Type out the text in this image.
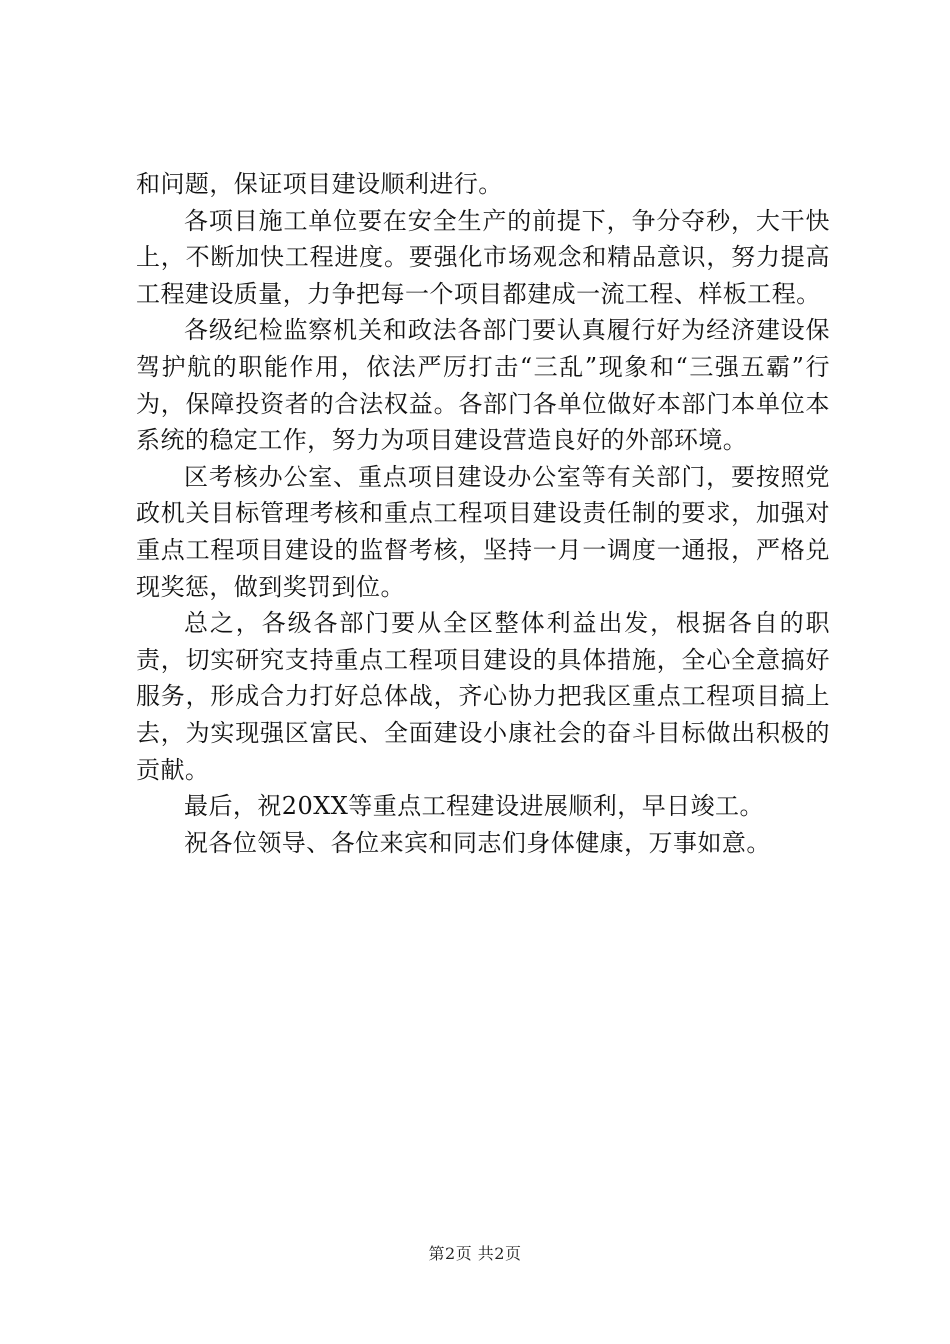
和问题，保证项目建设顺利进行。

各项目施工单位要在安全生产的前提下，争分夺秒，大干快上，不断加快工程进度。要强化市场观念和精品意识，努力提高工程建设质量，力争把每一个项目都建成一流工程、样板工程。

各级纪检监察机关和政法各部门要认真履行好为经济建设保驾护航的职能作用，依法严厉打击“三乱”现象和“三强五霸”行为，保障投资者的合法权益。各部门各单位做好本部门本单位本系统的稳定工作，努力为项目建设营造良好的外部环境。

区考核办公室、重点项目建设办公室等有关部门，要按照党政机关目标管理考核和重点工程项目建设责任制的要求，加强对重点工程项目建设的监督考核，坚持一月一调度一通报，严格兑现奖惩，做到奖罚到位。

总之，各级各部门要从全区整体利益出发，根据各自的职责，切实研究支持重点工程项目建设的具体措施，全心全意搞好服务，形成合力打好总体战，齐心协力把我区重点工程项目搞上去，为实现强区富民、全面建设小康社会的奋斗目标做出积极的贡献。

最后，祝20XX等重点工程建设进展顺利，早日竣工。

祝各位领导、各位来宾和同志们身体健康，万事如意。

第2页 共2页
